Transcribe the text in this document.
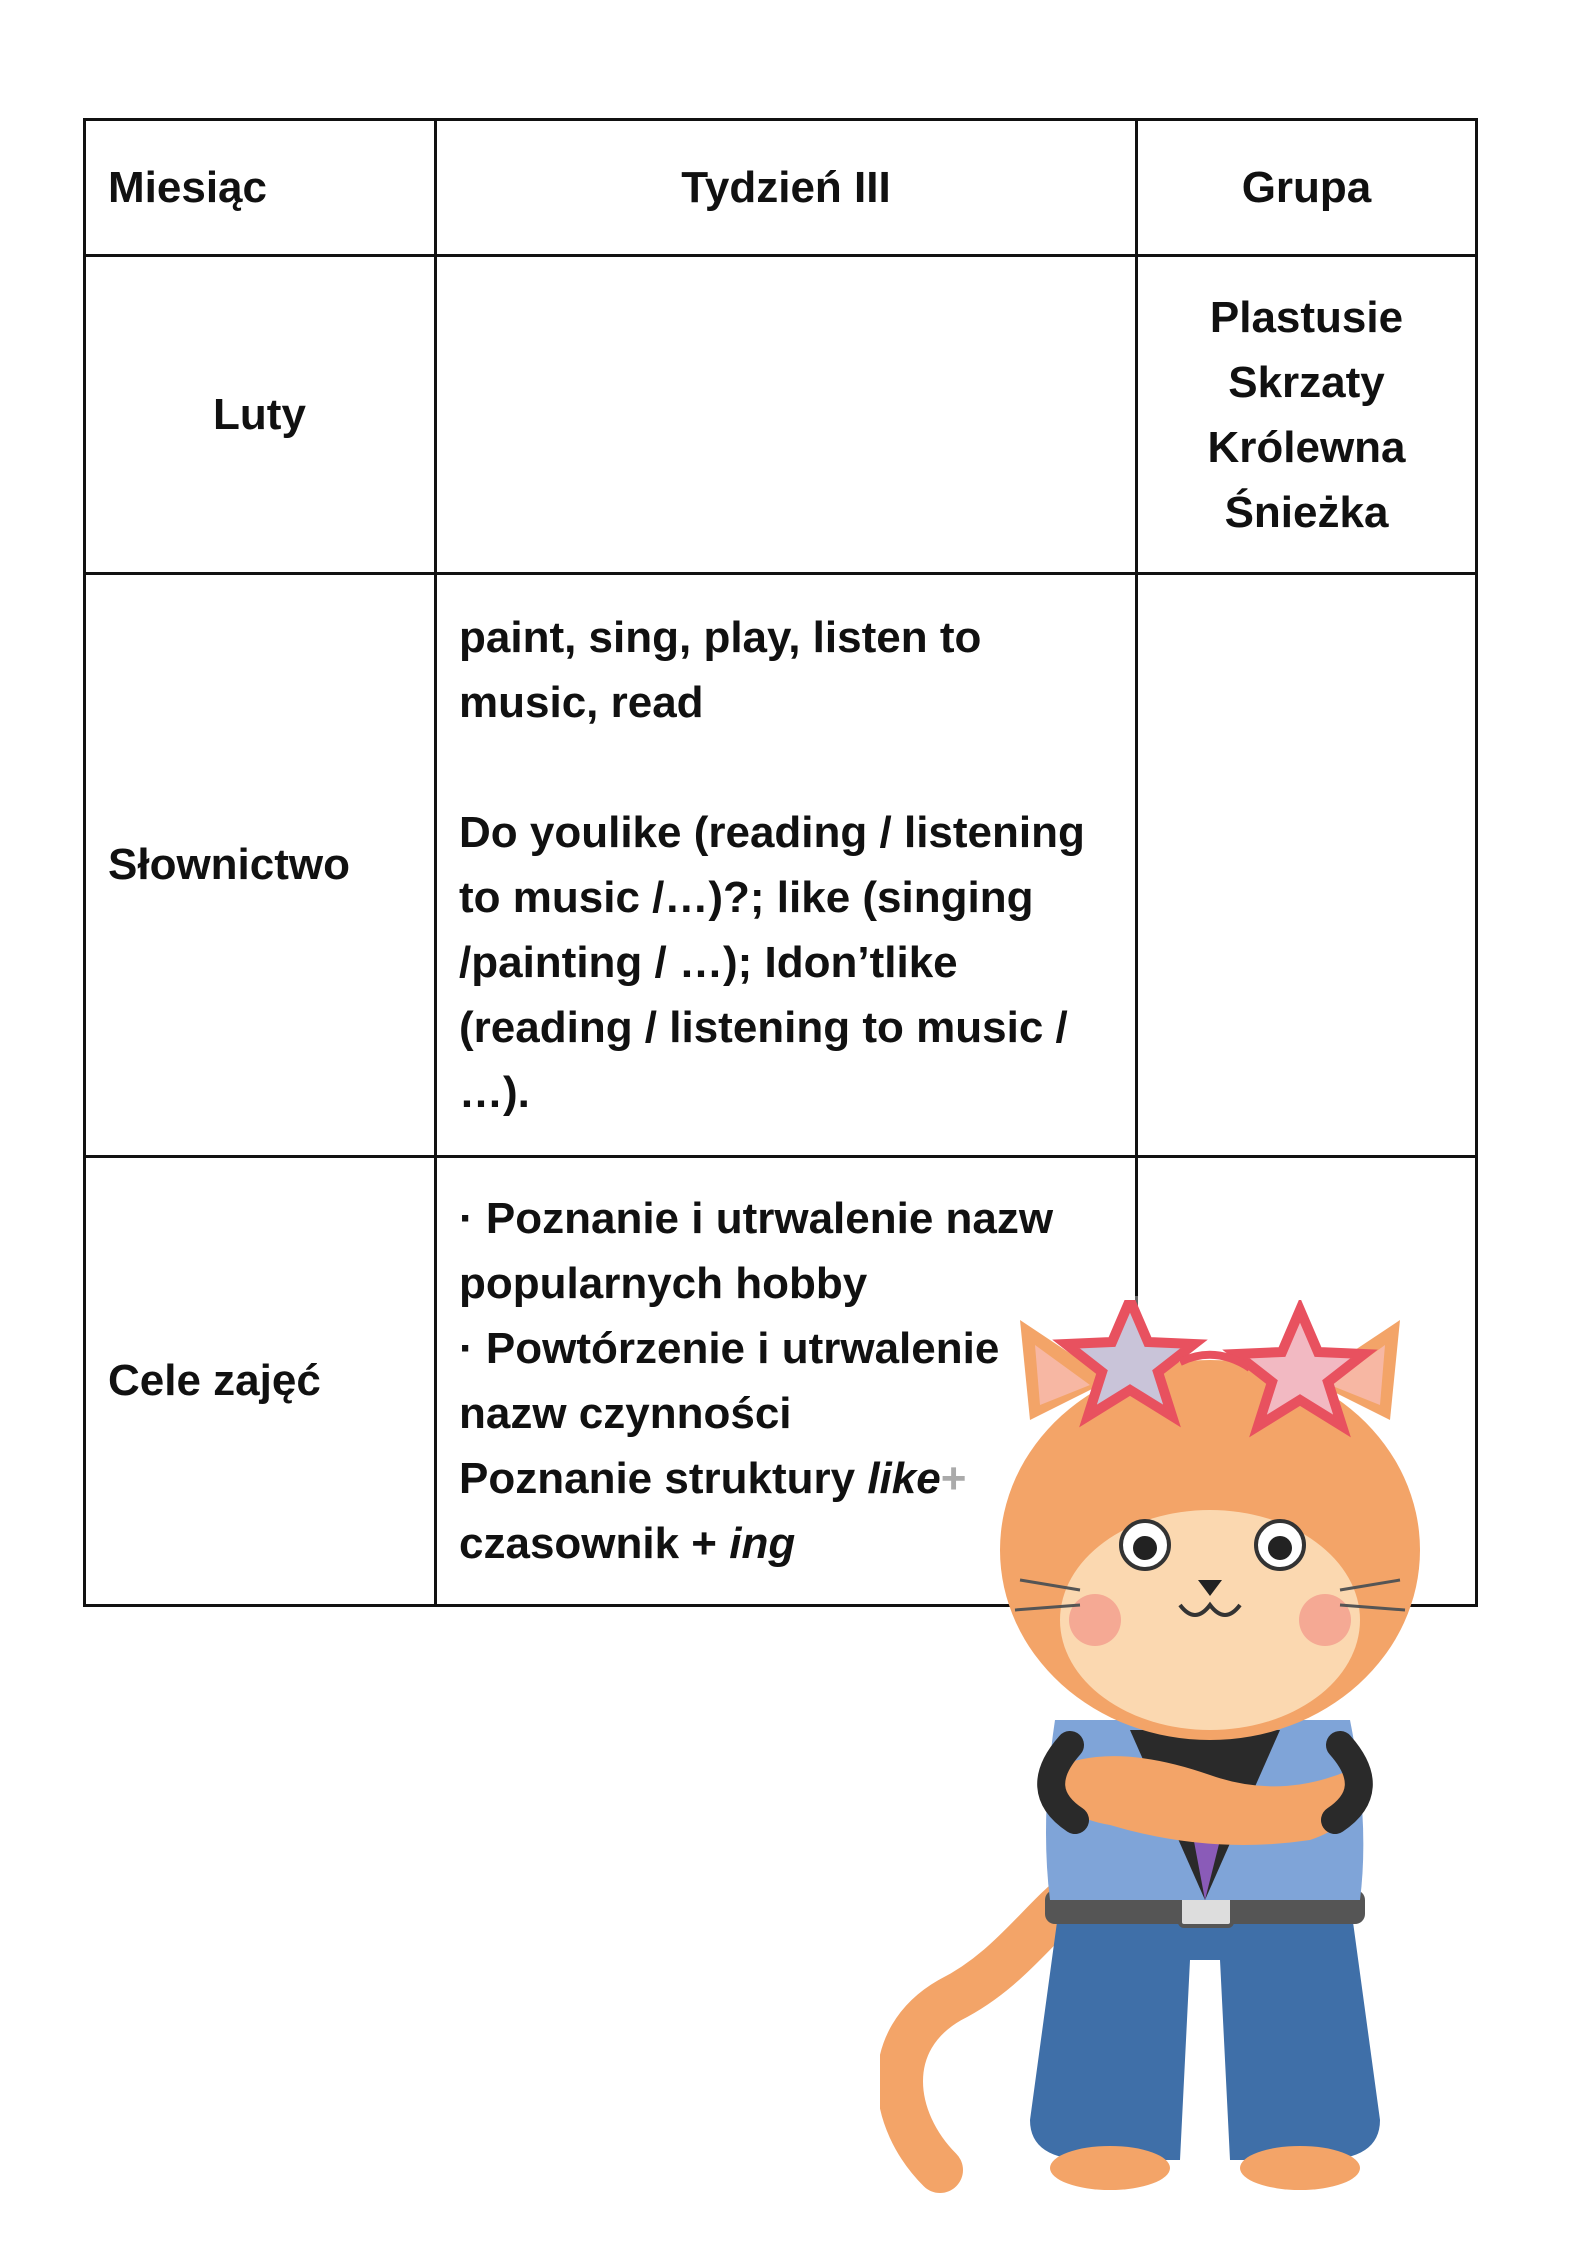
Miesiąc	Tydzień III	Grupa
Luty		Plastusie
Skrzaty
Królewna
Śnieżka

Słownictwo	paint, sing, play, listen to music, read

Do youlike (reading / listening to music /…)?; like (singing /painting / …); Idon’tlike (reading / listening to music / …).	

Cele zajęć	· Poznanie i utrwalenie nazw popularnych hobby

· Powtórzenie i utrwalenie nazw czynności

Poznanie struktury like+

czasownik + ing	
